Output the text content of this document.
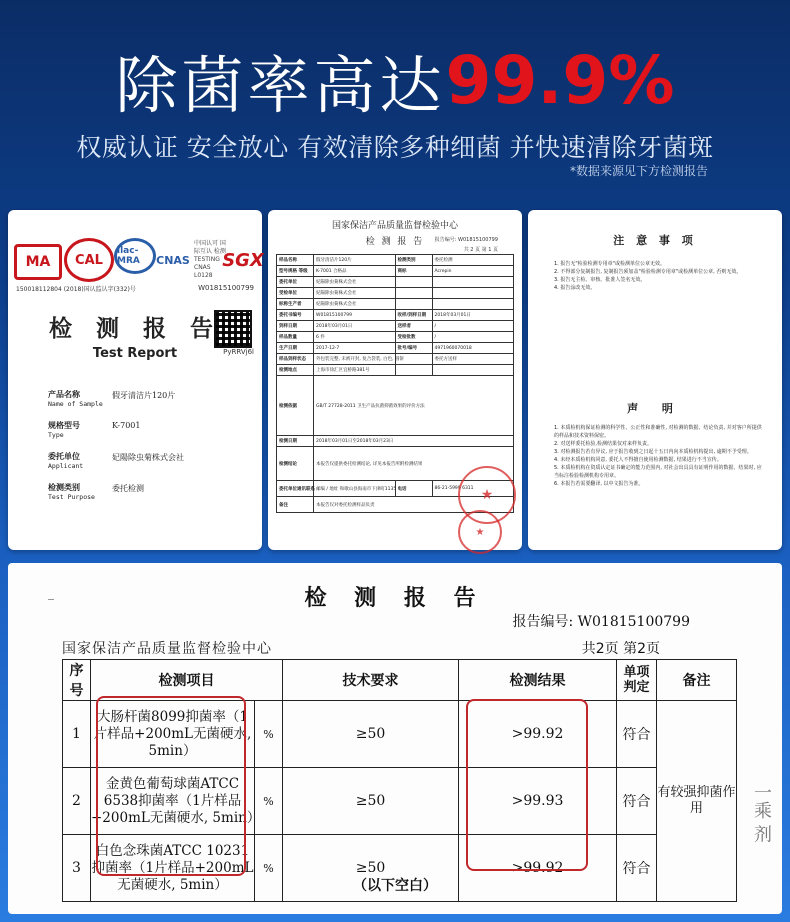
除菌率高达99.9%
权威认证 安全放心 有效清除多种细菌 并快速清除牙菌斑
*数据来源见下方检测报告
MA	CAL
ilac-MRA	CNAS
中国认可 国际互认 检测 TESTING CNAS L0128
SGX
150018112804 (2018)国认监认字(332)号	W01815100799
PyRRVj6l
检 测 报 告
Test Report
产品名称
Name of Sample
假牙清洁片120片
规格型号
Type
K-7001
委托单位
Applicant
妃陽除虫菊株式会社
检测类别
Test Purpose
委托检测
国家保洁产品质量监督检验中心
检 测 报 告	报告编号: W01815100799
共 2 页 第 1 页
样品名称	假牙清洁片120片	检测类别	委托检测
型号规格 等级	K-7001 合格品	商标	Acrepin
委托单位	妃陽除虫菊株式会社		
受检单位	妃陽除虫菊株式会社		
标称生产者	妃陽除虫菊株式会社		
委托书编号	W01815100799	收样/到样日期	2018年03月01日
到样日期	2018年03月01日	送样者	/
样品数量	6 件	受检批数	/
生产日期	2017-12-7	批号/编号	4971960070018
样品到样状态	外包装完整, 未被开封, 复合袋装, 白色, 圆饼		委托方送样
检测地点	上海市徐汇区宜桥路381号		
检测依据	GB/T 27728-2011 卫生产品抗菌抑菌效果的评价方法		
检测日期	2018年03月01日至2018年03月23日		
检测结论	本报告仅提供委托检测结论, 详见本报告所附检测结果		
委托单位通讯联系	邮编 / 地址 和歌山县海南市下津町1135	电话	86-21-5999 6311
备注	本报告仅对委托检测样品负责		
★
★
注 意 事 项
1. 报告无"检验检测专用章"或检测单位公章无效。
2. 不得部分复制报告, 复制报告须加盖"检验检测专用章"或检测单位公章, 否则无效。
3. 报告无主检、审核、批准人签名无效。
4. 报告涂改无效。
声 明
1. 本质检机构保证检测的科学性、公正性和准确性, 对检测的数据、结论负责, 并对客户所提供的样品和技术资料保密。
2. 对送样委托检验,检测结果仅对来样负责。
3. 对检测报告若有异议, 应于报告收到之日起十五日内向本质检机构提出, 逾期不予受理。
4. 未经本质检机构同意, 委托人不得擅自使用检测数据, 结果进行不当宣传。
5. 本质检机构在资质认定证书确定的能力范围内, 对社会出具具有证明作用的数据、结果时, 应当标注检验检测机构专用章。
6. 本报告若需要翻译, 以中文报告为准。
检 测 报 告
报告编号: W01815100799
国家保洁产品质量监督检验中心	共2页 第2页
序号	检测项目		技术要求	检测结果	单项 判定	备注
1	大肠杆菌8099抑菌率（1片样品+200mL无菌硬水, 5min）	%	≥50	>99.92	符合	有较强抑菌作用
2	金黄色葡萄球菌ATCC 6538抑菌率（1片样品+200mL无菌硬水, 5min）	%	≥50	>99.93	符合	
3	白色念珠菌ATCC 10231抑菌率（1片样品+200mL无菌硬水, 5min）	%	≥50	>99.92	符合	
（以下空白）
一乘 剂
